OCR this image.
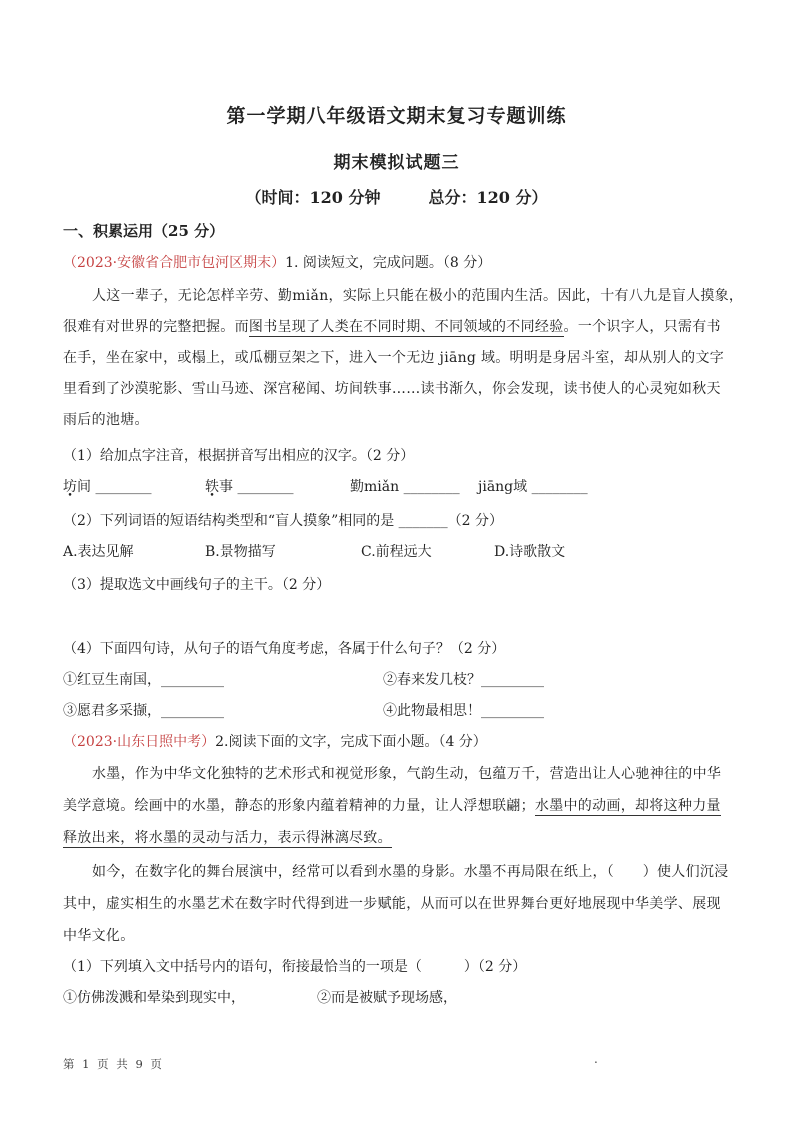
第一学期八年级语文期末复习专题训练
期末模拟试题三
（时间：120 分钟　　　总分：120 分）
一、积累运用（25 分）
（2023·安徽省合肥市包河区期末）1. 阅读短文，完成问题。（8 分）
人这一辈子，无论怎样辛劳、勤miǎn，实际上只能在极小的范围内生活。因此，十有八九是盲人摸象，
很难有对世界的完整把握。而图书呈现了人类在不同时期、不同领域的不同经验。一个识字人，只需有书
在手，坐在家中，或榻上，或瓜棚豆架之下，进入一个无边 jiāng 域。明明是身居斗室，却从别人的文字
里看到了沙漠驼影、雪山马迹、深宫秘闻、坊间轶事……读书渐久，你会发现，读书使人的心灵宛如秋天
雨后的池塘。
（1）给加点字注音，根据拼音写出相应的汉字。（2 分）
坊间 ________	轶事 ________	勤miǎn ________	jiāng域 ________
（2）下列词语的短语结构类型和“盲人摸象”相同的是 _______（2 分）
A.表达见解	B.景物描写	C.前程远大	D.诗歌散文
（3）提取选文中画线句子的主干。（2 分）
（4）下面四句诗，从句子的语气角度考虑，各属于什么句子？（2 分）
①红豆生南国，_________	②春来发几枝？_________
③愿君多采撷，_________	④此物最相思！_________
（2023·山东日照中考）2.阅读下面的文字，完成下面小题。（4 分）
水墨，作为中华文化独特的艺术形式和视觉形象，气韵生动，包蕴万千，营造出让人心驰神往的中华
美学意境。绘画中的水墨，静态的形象内蕴着精神的力量，让人浮想联翩；水墨中的动画，却将这种力量
释放出来，将水墨的灵动与活力，表示得淋漓尽致。
如今，在数字化的舞台展演中，经常可以看到水墨的身影。水墨不再局限在纸上，（　　）使人们沉浸
其中，虚实相生的水墨艺术在数字时代得到进一步赋能，从而可以在世界舞台更好地展现中华美学、展现
中华文化。
（1）下列填入文中括号内的语句，衔接最恰当的一项是（　　　）（2 分）
①仿佛泼溅和晕染到现实中，	②而是被赋予现场感，
第 1 页 共 9 页	.
